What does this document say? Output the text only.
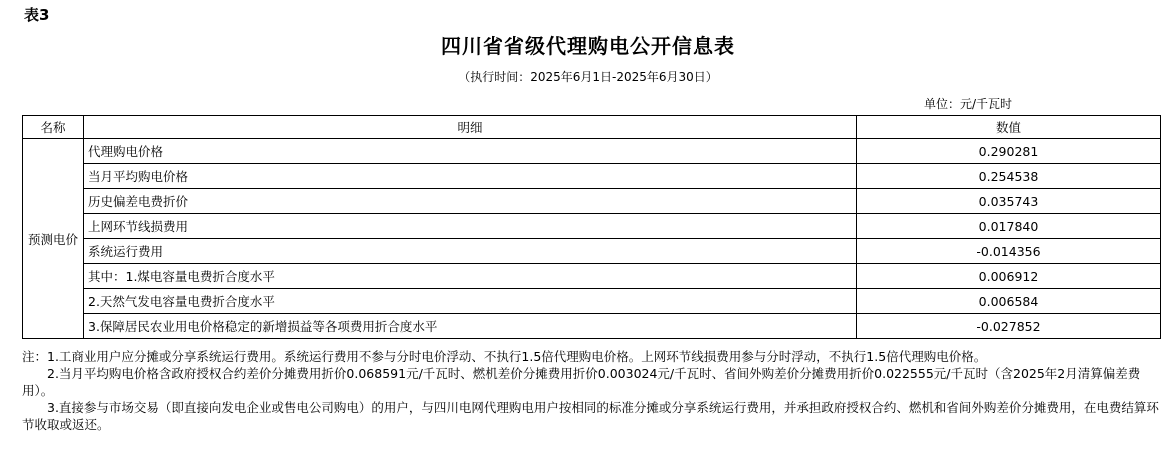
表3
四川省省级代理购电公开信息表
（执行时间：2025年6月1日-2025年6月30日）
单位：元/千瓦时
名称	明细	数值
预测电价	代理购电价格	0.290281
	当月平均购电价格	0.254538
	历史偏差电费折价	0.035743
	上网环节线损费用	0.017840
	系统运行费用	-0.014356
	其中：1.煤电容量电费折合度水平	0.006912
	2.天然气发电容量电费折合度水平	0.006584
	3.保障居民农业用电价格稳定的新增损益等各项费用折合度水平	-0.027852

注：1.工商业用户应分摊或分享系统运行费用。系统运行费用不参与分时电价浮动、不执行1.5倍代理购电价格。上网环节线损费用参与分时浮动，不执行1.5倍代理购电价格。

2.当月平均购电价格含政府授权合约差价分摊费用折价0.068591元/千瓦时、燃机差价分摊费用折价0.003024元/千瓦时、省间外购差价分摊费用折价0.022555元/千瓦时（含2025年2月清算偏差费用）。

3.直接参与市场交易（即直接向发电企业或售电公司购电）的用户，与四川电网代理购电用户按相同的标准分摊或分享系统运行费用，并承担政府授权合约、燃机和省间外购差价分摊费用，在电费结算环节收取或返还。
